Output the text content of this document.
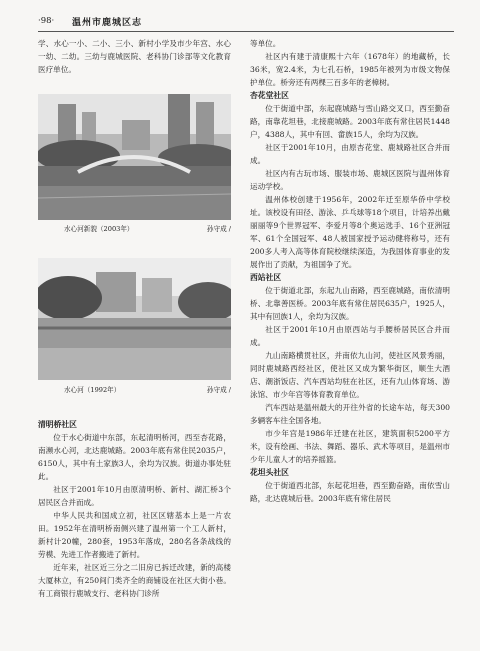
·98· 温州市鹿城区志

学、水心一小、二小、三小、新村小学及市少年宫、水心一幼、二幼。三幼与鹿城医院、老科协门诊部等文化教育医疗单位。

水心河新貌（2003年）	孙守成 /
水心河（1992年）	孙守成 /

清明桥社区

位于水心街道中东部，东起清明桥河，西至杏花路，南濒水心河，北达鹿城路。2003年底有常住民2035户，6150人，其中有土家族3人，余均为汉族。街道办事处驻此。

社区于2001年10月由原清明桥、新村、湖汇桥3个居民区合并而成。

中华人民共和国成立初，社区区辖基本上是一片农田。1952年在清明桥南侧兴建了温州第一个工人新村，新村计20幢，280套，1953年落成，280名各条战线的劳模、先进工作者搬进了新村。

近年来，社区近三分之二旧房已拆迁改建，新的高楼大厦林立，有250间门类齐全的商铺设在社区大街小巷。有工商银行鹿城支行、老科协门诊所

等单位。

社区内有建于清康熙十六年（1678年）的地藏桥，长36米，宽2.4米，为七孔石桥，1985年被列为市级文物保护单位。桥旁还有两棵三百多年的老樟树。

杏花堂社区

位于街道中部，东起鹿城路与雪山路交叉口，西至勤奋路，南靠花坦巷，北接鹿城路。2003年底有常住居民1448户，4388人，其中有回、畲族15人，余均为汉族。

社区于2001年10月，由原杏花堂、鹿城路社区合并而成。

社区内有古玩市场、服装市场、鹿城区医院与温州体育运动学校。

温州体校创建于1956年，2002年迁至原华侨中学校址。该校设有田径、游泳、乒乓球等18个项目，计培养出戴丽丽等9个世界冠军、李爱月等8个奥运选手、16个亚洲冠军、61个全国冠军、48人被国家授予运动健将称号，还有200多人考入高等体育院校继续深造，为我国体育事业的发展作出了贡献，为祖国争了光。

西站社区

位于街道北部，东起九山南路，西至鹿城路，南依清明桥、北靠善医桥。2003年底有常住居民635户，1925人，其中有回族1人，余均为汉族。

社区于2001年10月由原西站与手腰桥居民区合并而成。

九山南路横贯社区，并南依九山河，使社区风景秀丽，同时鹿城路西经社区，使社区又成为繁华街区，顺生大酒店、潮浙饭店、汽车西站均驻在社区，还有九山体育场、游泳馆、市少年宫等体育教育单位。

汽车西站是温州最大的开往外省的长途车站，每天300多辆客车往全国各地。

市少年宫是1986年迁建在社区，建筑面积5200平方米，设有绘画、书法、舞蹈、器乐、武术等项目，是温州市少年儿童人才的培养摇篮。

花坦头社区

位于街道西北部，东起花坦巷，西至勤奋路，南依雪山路，北达鹿城后巷。2003年底有常住居民
